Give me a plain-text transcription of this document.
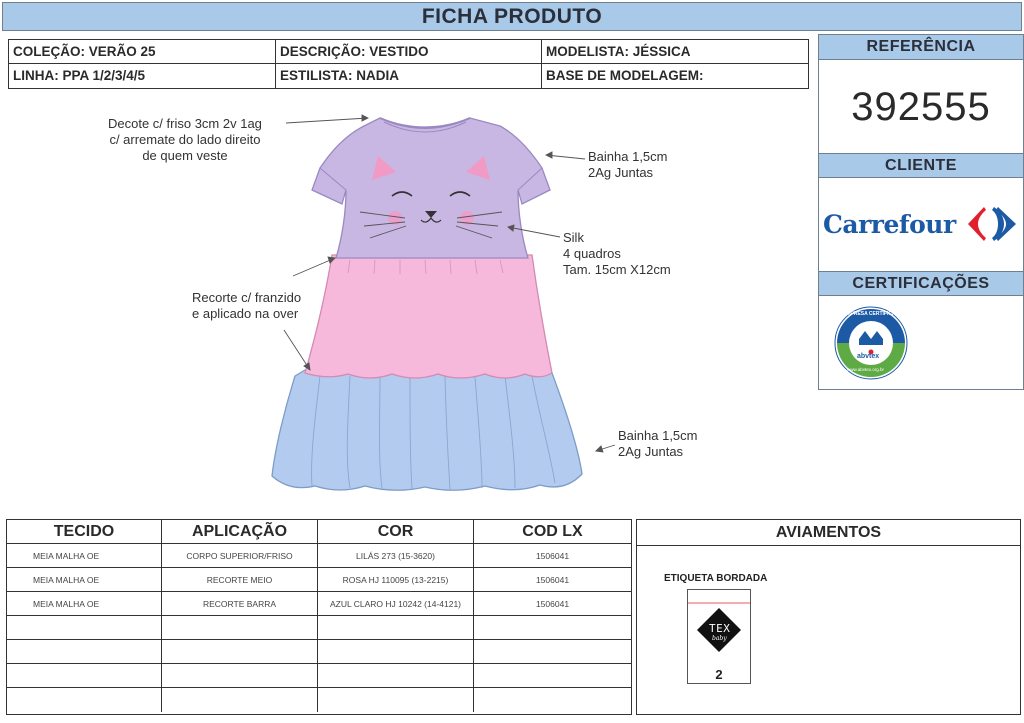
FICHA PRODUTO
COLEÇÃO: VERÃO 25	DESCRIÇÃO: VESTIDO	MODELISTA: JÉSSICA
LINHA: PPA 1/2/3/4/5	ESTILISTA: NADIA	BASE DE MODELAGEM:
REFERÊNCIA
392555
CLIENTE
Carrefour
CERTIFICAÇÕES
EMPRESA CERTIFICADA
abvtex
www.abvtex.org.br
Decote c/ friso 3cm 2v 1ag
c/ arremate do lado direito
de quem veste	Bainha 1,5cm
2Ag Juntas
Silk
4 quadros
Tam. 15cm X12cm
Recorte c/ franzido
e aplicado na over
Bainha 1,5cm
2Ag Juntas
TECIDO	APLICAÇÃO	COR	COD LX
MEIA MALHA OE	CORPO SUPERIOR/FRISO	LILÁS 273 (15-3620)	1506041
MEIA MALHA OE	RECORTE MEIO	ROSA HJ 110095 (13-2215)	1506041
MEIA MALHA OE	RECORTE BARRA	AZUL CLARO HJ 10242 (14-4121)	1506041
AVIAMENTOS
ETIQUETA BORDADA
TEX
baby
2
